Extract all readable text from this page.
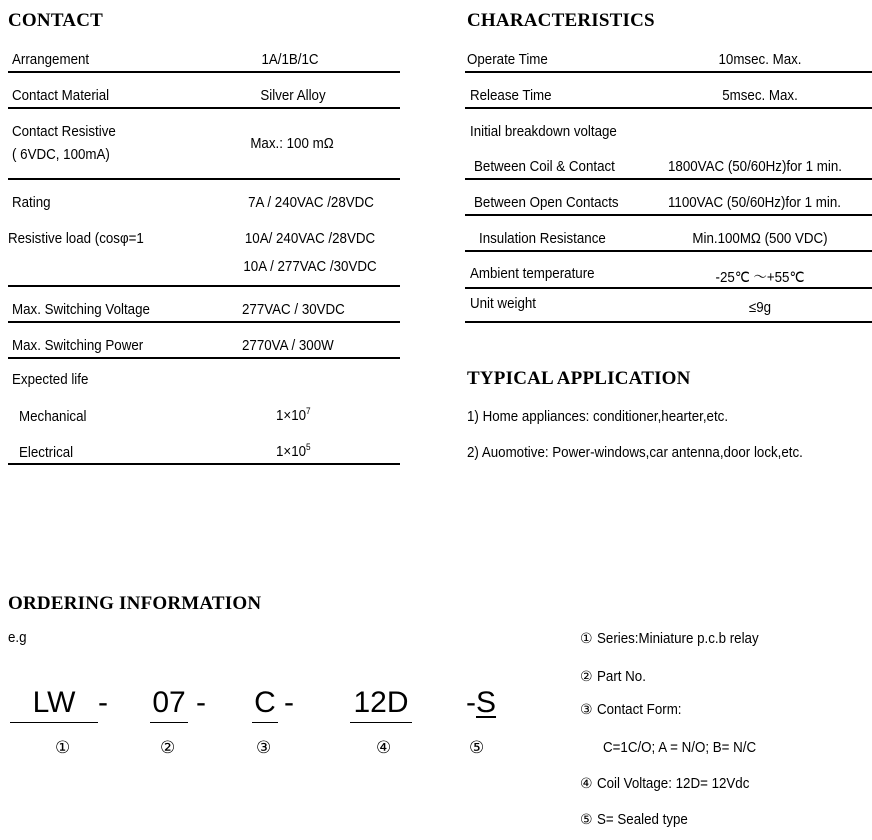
CONTACT
Arrangement	1A/1B/1C
Contact Material	Silver Alloy
Contact Resistive
( 6VDC, 100mA)
Max.: 100 mΩ
Rating	7A / 240VAC /28VDC
Resistive load (cosφ=1	10A/ 240VAC /28VDC
10A / 277VAC /30VDC
Max. Switching Voltage	277VAC / 30VDC
Max. Switching Power	2770VA / 300W
Expected life
Mechanical	$1\times 10^7$
Electrical	$1\times 10^5$
CHARACTERISTICS
Operate Time	10msec. Max.
Release Time	5msec. Max.
Initial breakdown voltage
Between Coil & Contact	1800VAC (50/60Hz)for 1 min.
Between Open Contacts	1100VAC (50/60Hz)for 1 min.
Insulation Resistance	Min.100MΩ (500 VDC)
Ambient temperature	-25℃ ～+55℃
Unit weight	≤9g
TYPICAL APPLICATION
1) Home appliances: conditioner,hearter,etc.
2) Auomotive: Power-windows,car antenna,door lock,etc.
ORDERING INFORMATION
e.g
LW - 07 - C - 12D -S
①	②	③	④	⑤
① Series:Miniature p.c.b relay
② Part No.
③ Contact Form:
C=1C/O; A = N/O; B= N/C
④ Coil Voltage: 12D= 12Vdc
⑤ S= Sealed type
